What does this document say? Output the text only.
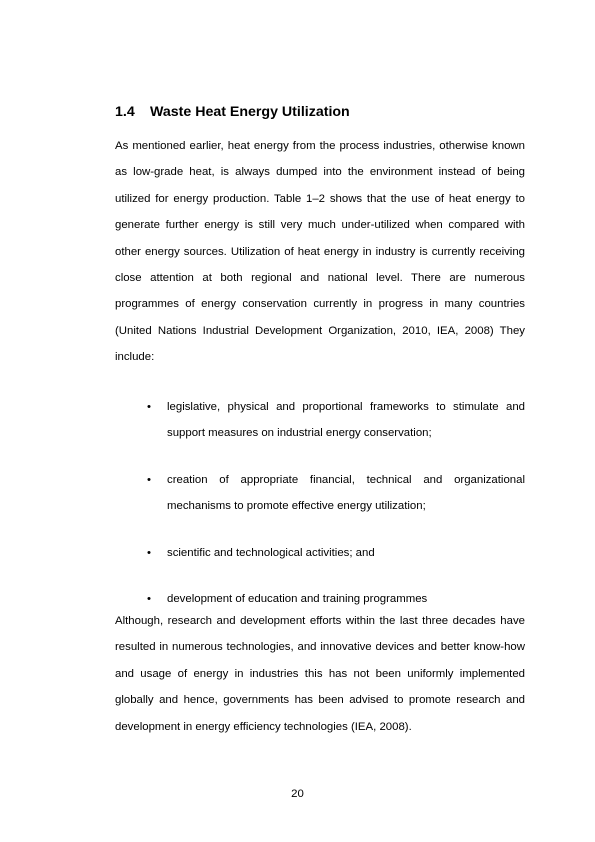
1.4 Waste Heat Energy Utilization

As mentioned earlier, heat energy from the process industries, otherwise known as low-grade heat, is always dumped into the environment instead of being utilized for energy production. Table 1–2 shows that the use of heat energy to generate further energy is still very much under-utilized when compared with other energy sources. Utilization of heat energy in industry is currently receiving close attention at both regional and national level. There are numerous programmes of energy conservation currently in progress in many countries (United Nations Industrial Development Organization, 2010, IEA, 2008) They include:

• legislative, physical and proportional frameworks to stimulate and support measures on industrial energy conservation;
• creation of appropriate financial, technical and organizational mechanisms to promote effective energy utilization;
• scientific and technological activities; and
• development of education and training programmes

Although, research and development efforts within the last three decades have resulted in numerous technologies, and innovative devices and better know-how and usage of energy in industries this has not been uniformly implemented globally and hence, governments has been advised to promote research and development in energy efficiency technologies (IEA, 2008).

20
